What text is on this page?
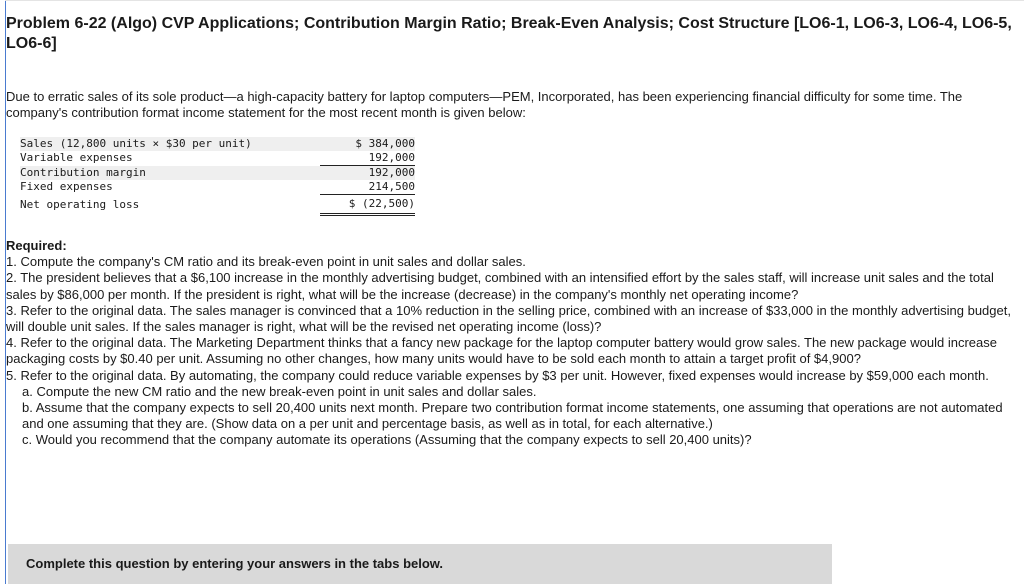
Problem 6-22 (Algo) CVP Applications; Contribution Margin Ratio; Break-Even Analysis; Cost Structure [LO6-1, LO6-3, LO6-4, LO6-5, LO6-6]

Due to erratic sales of its sole product—a high-capacity battery for laptop computers—PEM, Incorporated, has been experiencing financial difficulty for some time. The company's contribution format income statement for the most recent month is given below:

Sales (12,800 units × $30 per unit)	$ 384,000
Variable expenses	192,000
Contribution margin	192,000
Fixed expenses	214,500
Net operating loss	$ (22,500)
Required:

1. Compute the company's CM ratio and its break-even point in unit sales and dollar sales.

2. The president believes that a $6,100 increase in the monthly advertising budget, combined with an intensified effort by the sales staff, will increase unit sales and the total sales by $86,000 per month. If the president is right, what will be the increase (decrease) in the company's monthly net operating income?

3. Refer to the original data. The sales manager is convinced that a 10% reduction in the selling price, combined with an increase of $33,000 in the monthly advertising budget, will double unit sales. If the sales manager is right, what will be the revised net operating income (loss)?

4. Refer to the original data. The Marketing Department thinks that a fancy new package for the laptop computer battery would grow sales. The new package would increase packaging costs by $0.40 per unit. Assuming no other changes, how many units would have to be sold each month to attain a target profit of $4,900?

5. Refer to the original data. By automating, the company could reduce variable expenses by $3 per unit. However, fixed expenses would increase by $59,000 each month.

a. Compute the new CM ratio and the new break-even point in unit sales and dollar sales.

b. Assume that the company expects to sell 20,400 units next month. Prepare two contribution format income statements, one assuming that operations are not automated and one assuming that they are. (Show data on a per unit and percentage basis, as well as in total, for each alternative.)

c. Would you recommend that the company automate its operations (Assuming that the company expects to sell 20,400 units)?

Complete this question by entering your answers in the tabs below.
